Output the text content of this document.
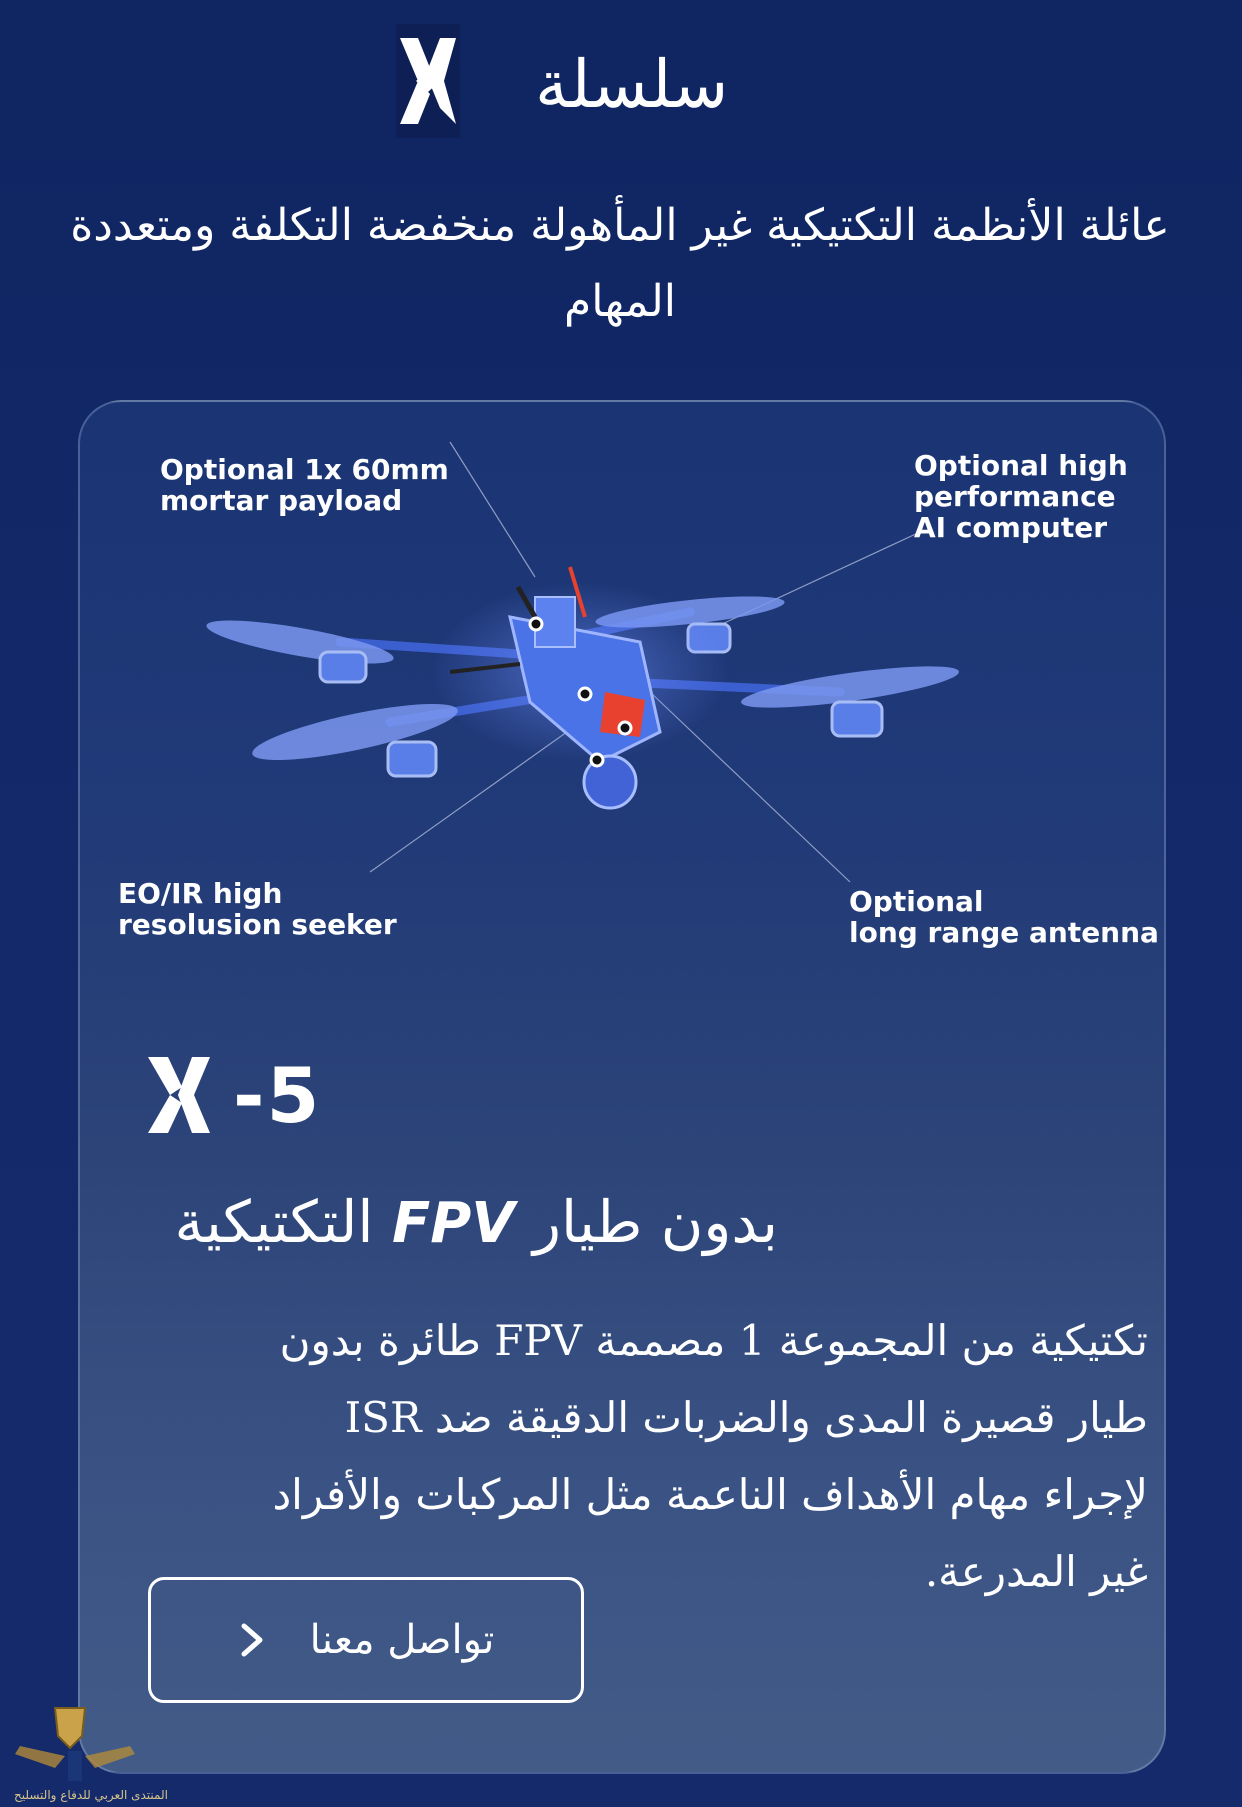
سلسلة
عائلة الأنظمة التكتيكية غير المأهولة منخفضة التكلفة ومتعددة المهام
Optional 1x 60mm
mortar payload
Optional high
performance
AI computer
EO/IR high
resolusion seeker
Optional
long range antenna
-5
بدون طيار FPV التكتيكية
تكتيكية من المجموعة 1 مصممة FPV طائرة بدون طيار قصيرة المدى والضربات الدقيقة ضد ISR لإجراء مهام الأهداف الناعمة مثل المركبات والأفراد غير المدرعة.
تواصل معنا
المنتدى العربي للدفاع والتسليح
